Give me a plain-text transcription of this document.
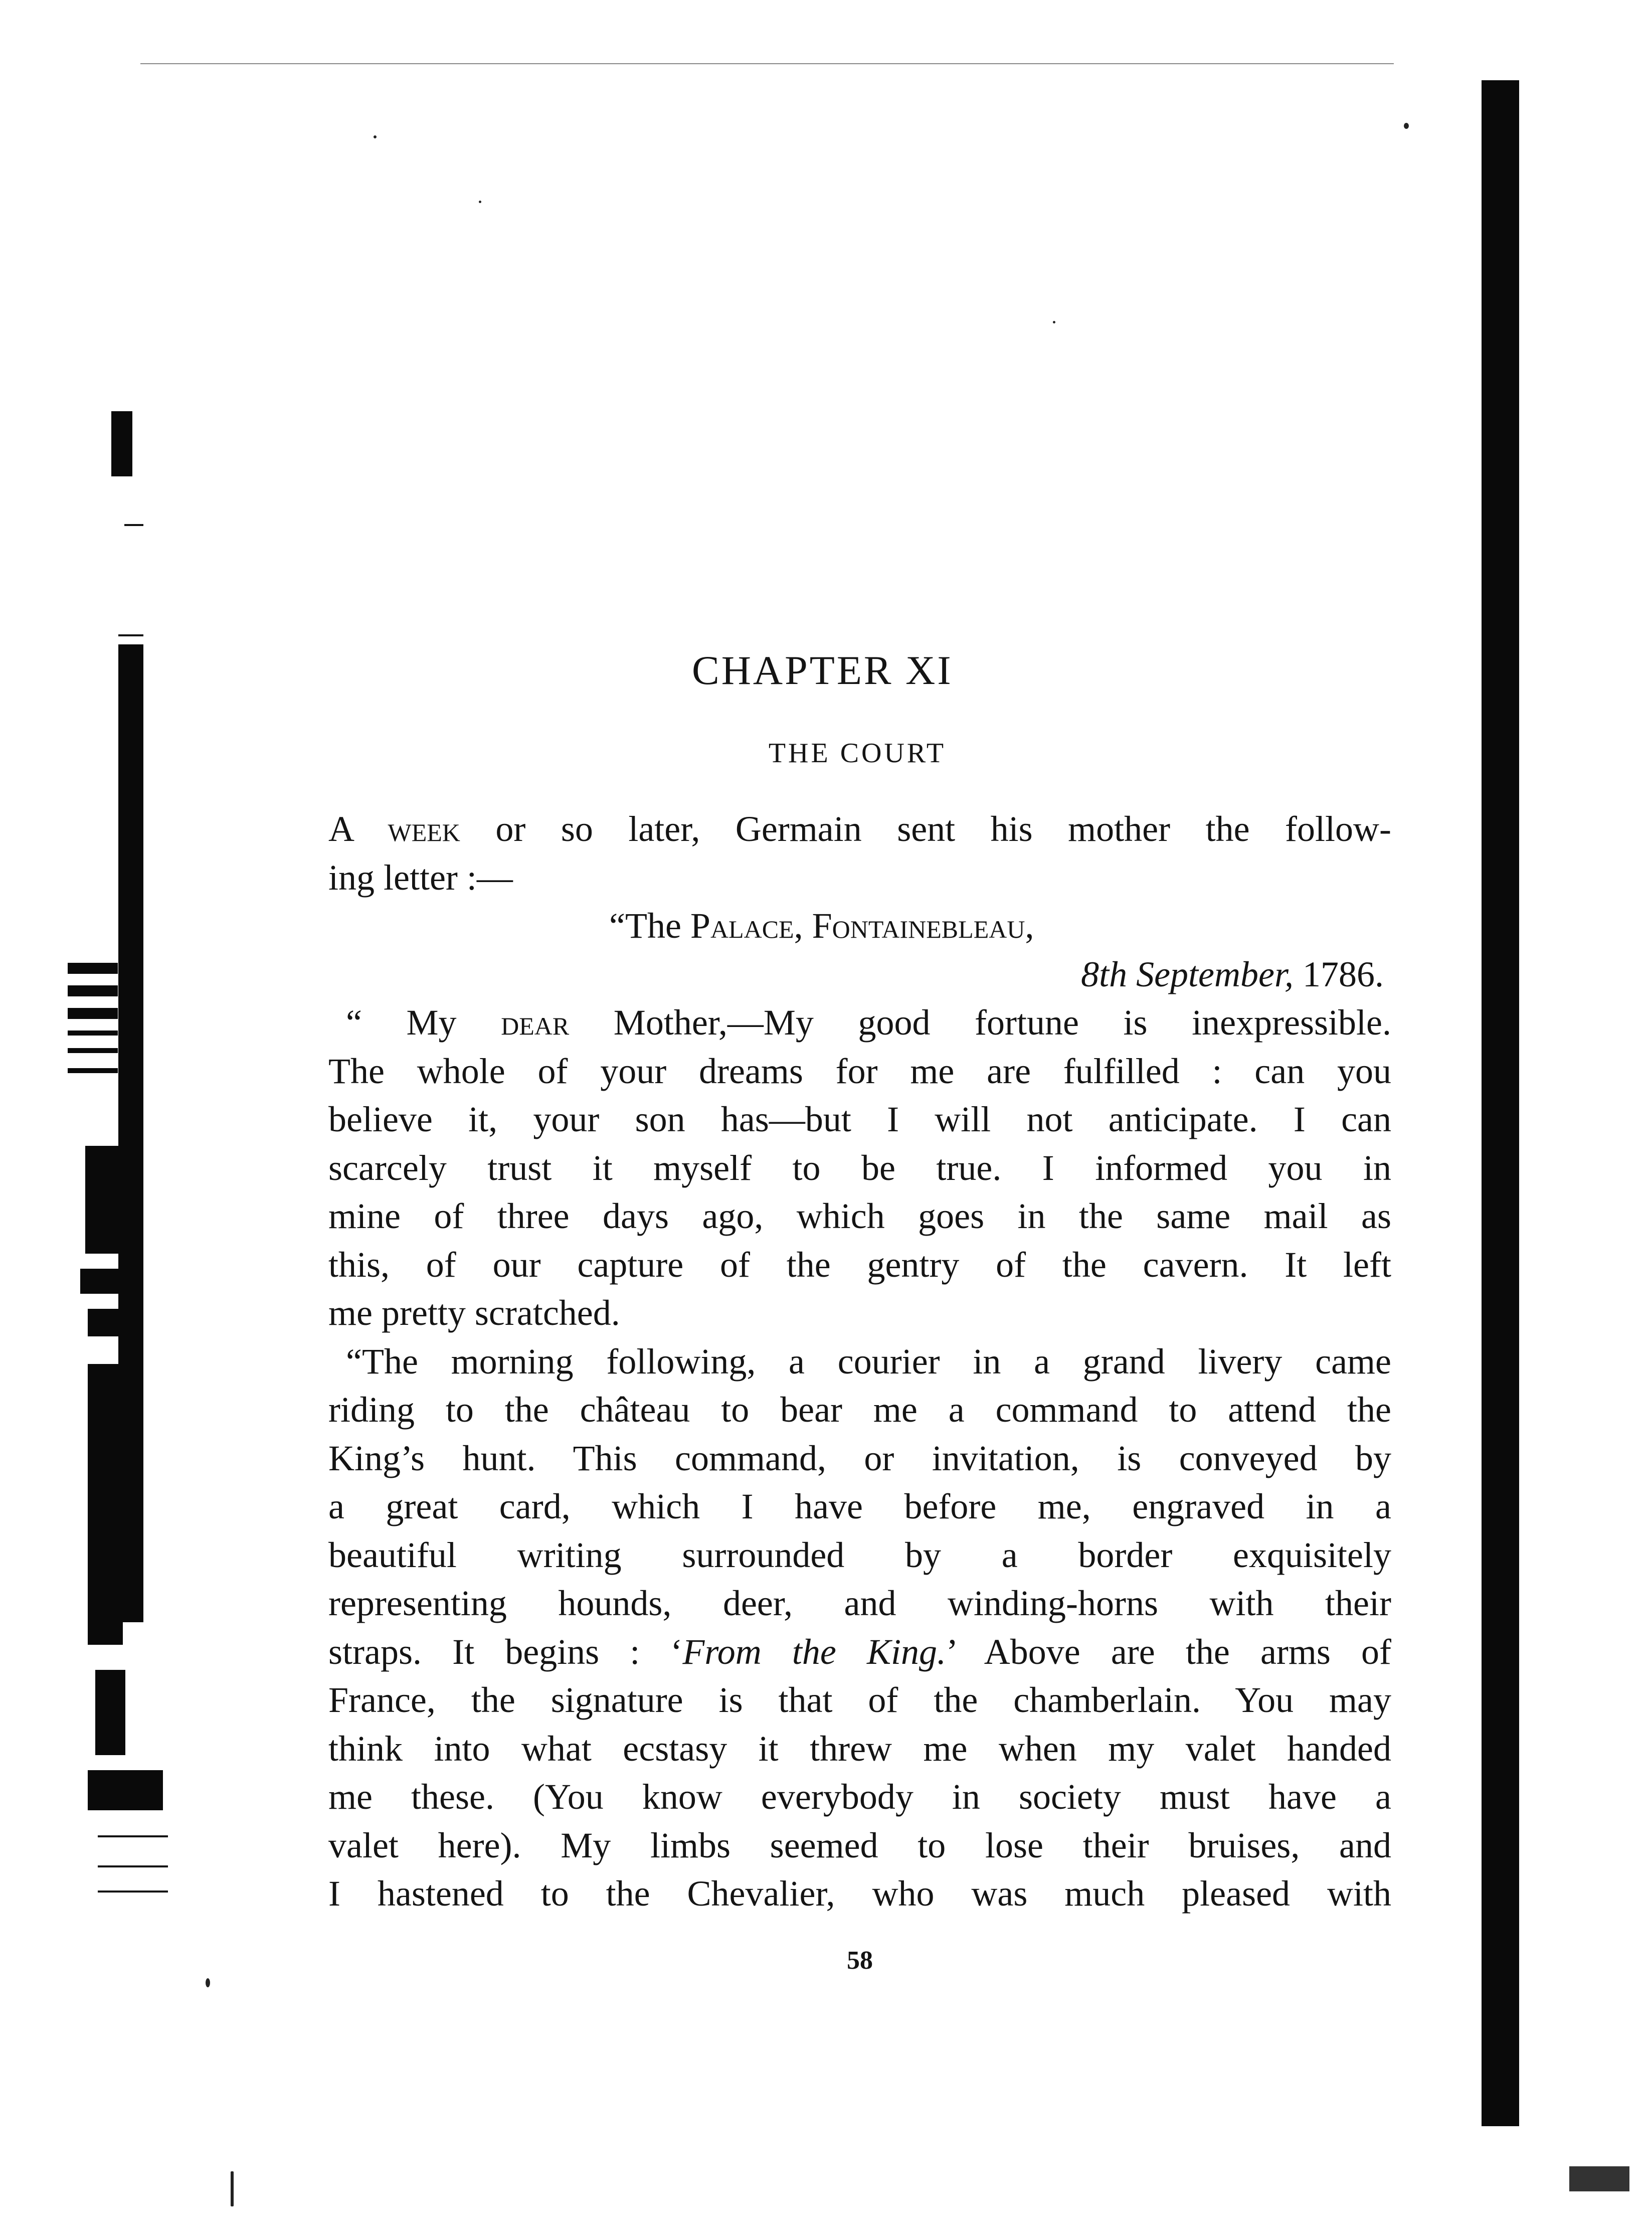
CHAPTER XI
THE COURT
A week or so later, Germain sent his mother the follow-
ing letter :—
“The Palace, Fontainebleau,
8th September, 1786.
“ My dear Mother,—My good fortune is inexpressible.
The whole of your dreams for me are fulfilled : can you
believe it, your son has—but I will not anticipate. I can
scarcely trust it myself to be true. I informed you in
mine of three days ago, which goes in the same mail as
this, of our capture of the gentry of the cavern. It left
me pretty scratched.
“The morning following, a courier in a grand livery came
riding to the château to bear me a command to attend the
King’s hunt. This command, or invitation, is conveyed by
a great card, which I have before me, engraved in a
beautiful writing surrounded by a border exquisitely
representing hounds, deer, and winding-horns with their
straps. It begins : ‘From the King.’ Above are the arms of
France, the signature is that of the chamberlain. You may
think into what ecstasy it threw me when my valet handed
me these. (You know everybody in society must have a
valet here). My limbs seemed to lose their bruises, and
I hastened to the Chevalier, who was much pleased with
58
